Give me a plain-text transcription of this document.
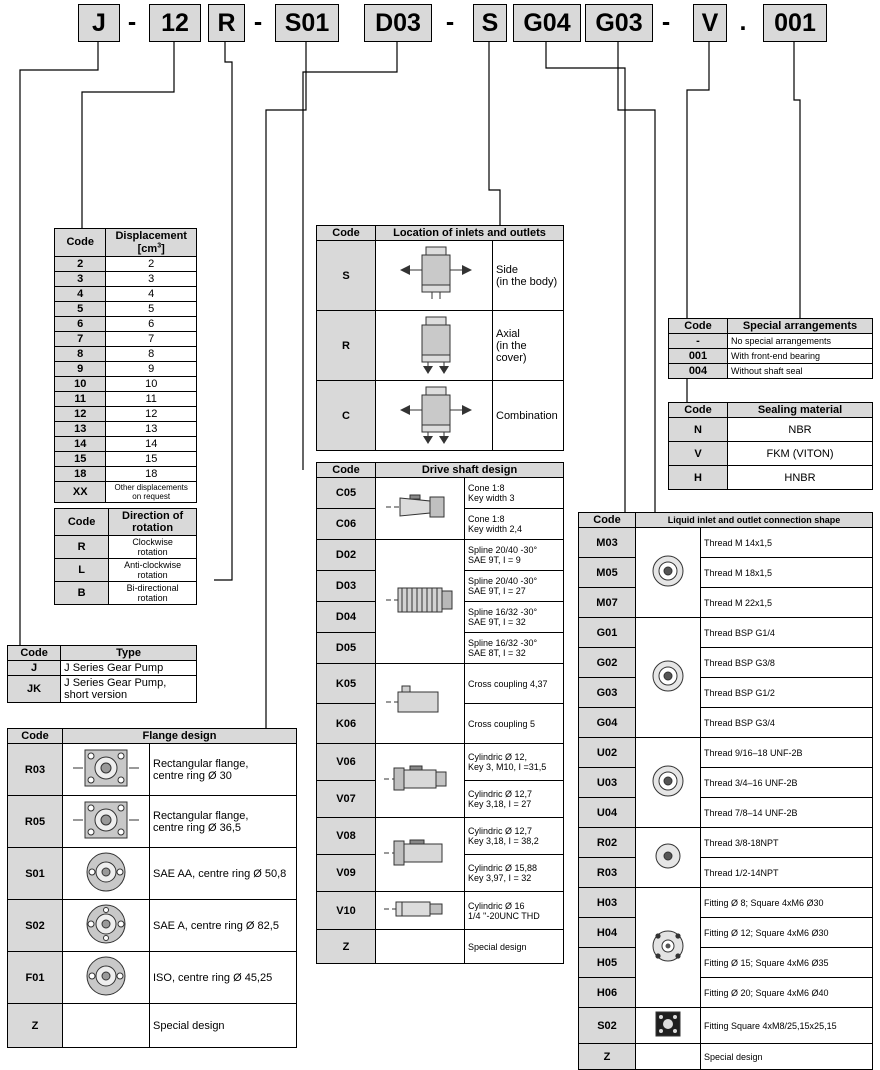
J - 12	R - S01	D03 -	S	G04 G03 -	V .	001
Code	Displacement
$[cm^3]$
2	2
3	3
4	4
5	5
6	6
7	7
8	8
9	9
10	10
11	11
12	12
13	13
14	14
15	15
18	18
XX	Other displacements on request
Code	Direction of
rotation
R	Clockwise
rotation
L	Anti-clockwise
rotation
B	Bi-directional
rotation
Code	Type
J	J Series Gear Pump
JK	J Series Gear Pump,
short version
Code	Flange design	
R03		Rectangular flange,
centre ring Ø 30
R05		Rectangular flange,
centre ring Ø 36,5
S01		SAE AA, centre ring Ø 50,8
S02		SAE A, centre ring Ø 82,5
F01		ISO, centre ring Ø 45,25
Z		Special design
Code	Location of inlets and outlets	
S		Side
(in the body)
R		Axial
(in the cover)
C		Combination
Code	Drive shaft design	
C05		Cone 1:8
Key width 3
C06		Cone 1:8
Key width 2,4
D02		Spline 20/40 -30°
SAE 9T, I = 9
D03		Spline 20/40 -30°
SAE 9T, I = 27
D04		Spline 16/32 -30°
SAE 9T, I = 32
D05		Spline 16/32 -30°
SAE 8T, I = 32
K05		Cross coupling 4,37
K06		Cross coupling 5
V06		Cylindric Ø 12,
Key 3, M10, I =31,5
V07		Cylindric Ø 12,7
Key 3,18, I = 27
V08		Cylindric Ø 12,7
Key 3,18, I = 38,2
V09		Cylindric Ø 15,88
Key 3,97, I = 32
V10		Cylindric Ø 16
1/4 ''-20UNC THD
Z		Special design
Code	Special arrangements
-	No special arrangements
001	With front-end bearing
004	Without shaft seal
Code	Sealing material
N	NBR
V	FKM (VITON)
H	HNBR
Code	Liquid inlet and outlet connection shape	
M03		Thread M 14x1,5
M05		Thread M 18x1,5
M07		Thread M 22x1,5
G01		Thread BSP G1/4
G02		Thread BSP G3/8
G03		Thread BSP G1/2
G04		Thread BSP G3/4
U02		Thread 9/16–18 UNF-2B
U03		Thread 3/4–16 UNF-2B
U04		Thread 7/8–14 UNF-2B
R02		Thread 3/8-18NPT
R03		Thread 1/2-14NPT
H03		Fitting Ø 8; Square 4xM6 Ø30
H04		Fitting Ø 12; Square 4xM6 Ø30
H05		Fitting Ø 15; Square 4xM6 Ø35
H06		Fitting Ø 20; Square 4xM6 Ø40
S02		Fitting Square 4xM8/25,15x25,15
Z		Special design
